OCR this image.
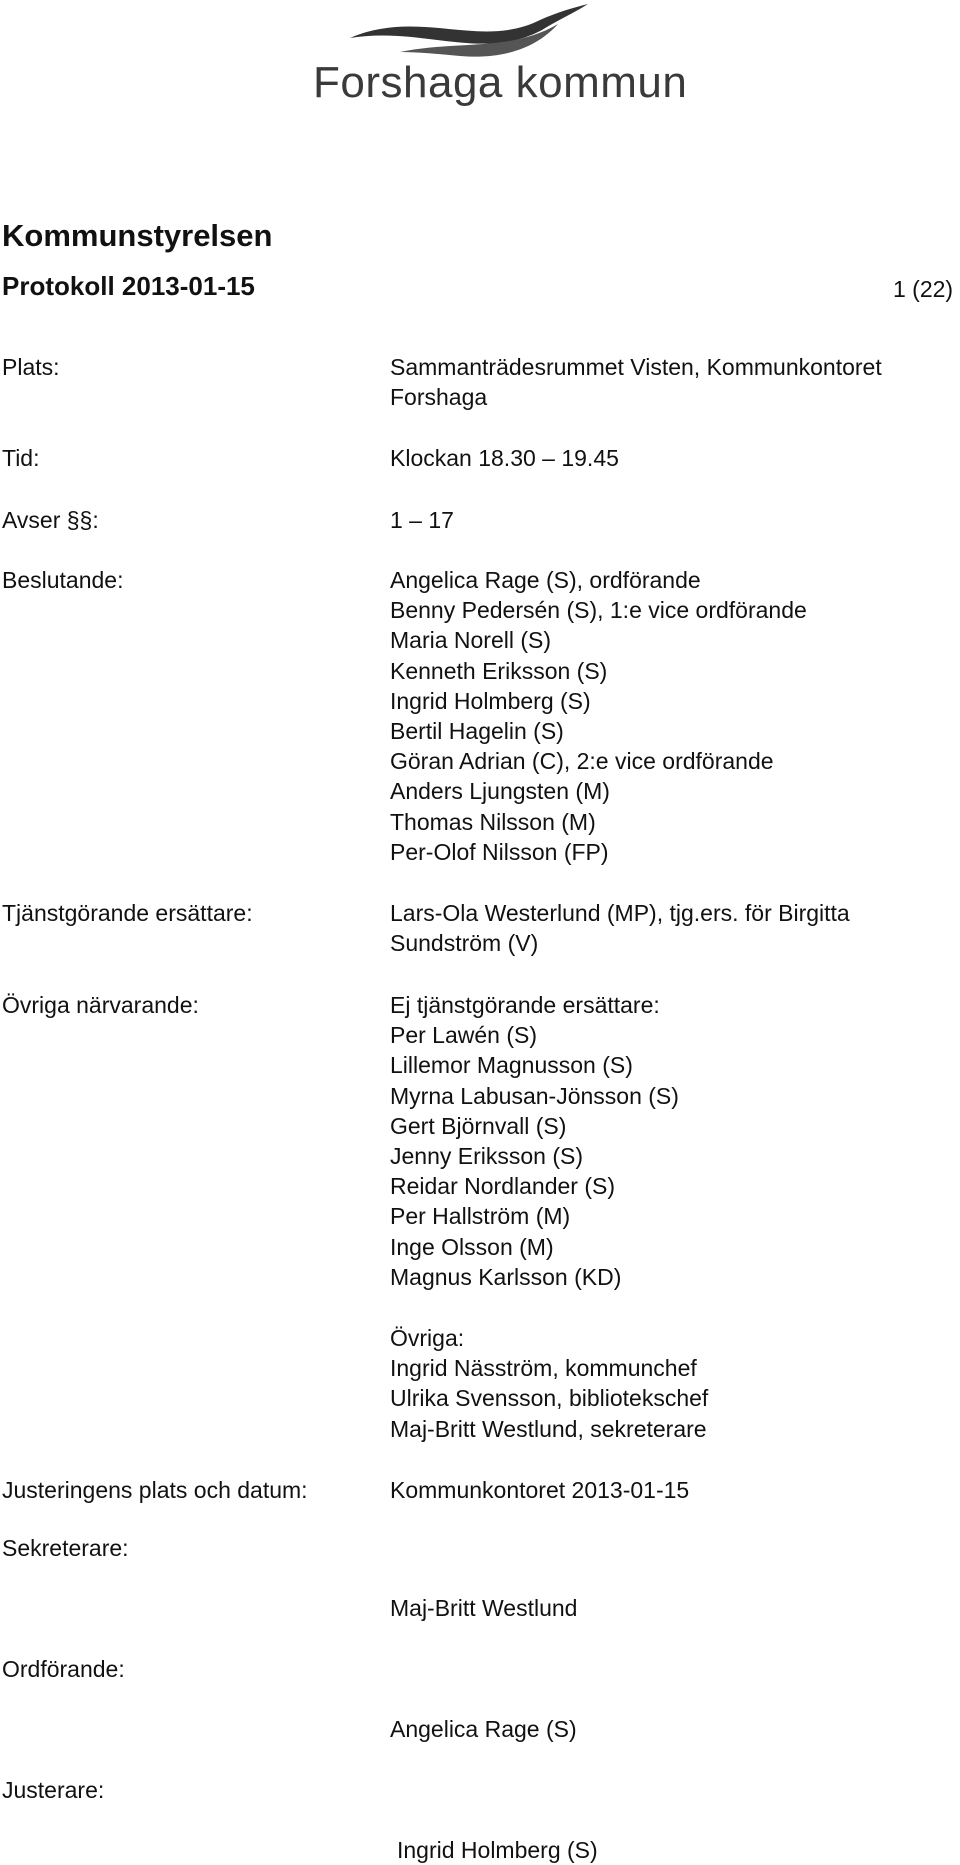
Forshaga kommun
Kommunstyrelsen
Protokoll 2013-01-15	1 (22)
Plats:	Sammanträdesrummet Visten, Kommunkontoret
Forshaga
Tid:	Klockan 18.30 – 19.45
Avser §§:	1 – 17
Beslutande:	Angelica Rage (S), ordförande
Benny Pedersén (S), 1:e vice ordförande
Maria Norell (S)
Kenneth Eriksson (S)
Ingrid Holmberg (S)
Bertil Hagelin (S)
Göran Adrian (C), 2:e vice ordförande
Anders Ljungsten (M)
Thomas Nilsson (M)
Per-Olof Nilsson (FP)
Tjänstgörande ersättare:	Lars-Ola Westerlund (MP), tjg.ers. för Birgitta
Sundström (V)
Övriga närvarande:	Ej tjänstgörande ersättare:
Per Lawén (S)
Lillemor Magnusson (S)
Myrna Labusan-Jönsson (S)
Gert Björnvall (S)
Jenny Eriksson (S)
Reidar Nordlander (S)
Per Hallström (M)
Inge Olsson (M)
Magnus Karlsson (KD)
Övriga:
Ingrid Näsström, kommunchef
Ulrika Svensson, bibliotekschef
Maj-Britt Westlund, sekreterare
Justeringens plats och datum:	Kommunkontoret 2013-01-15
Sekreterare:
Maj-Britt Westlund
Ordförande:
Angelica Rage (S)
Justerare:
Ingrid Holmberg (S)
